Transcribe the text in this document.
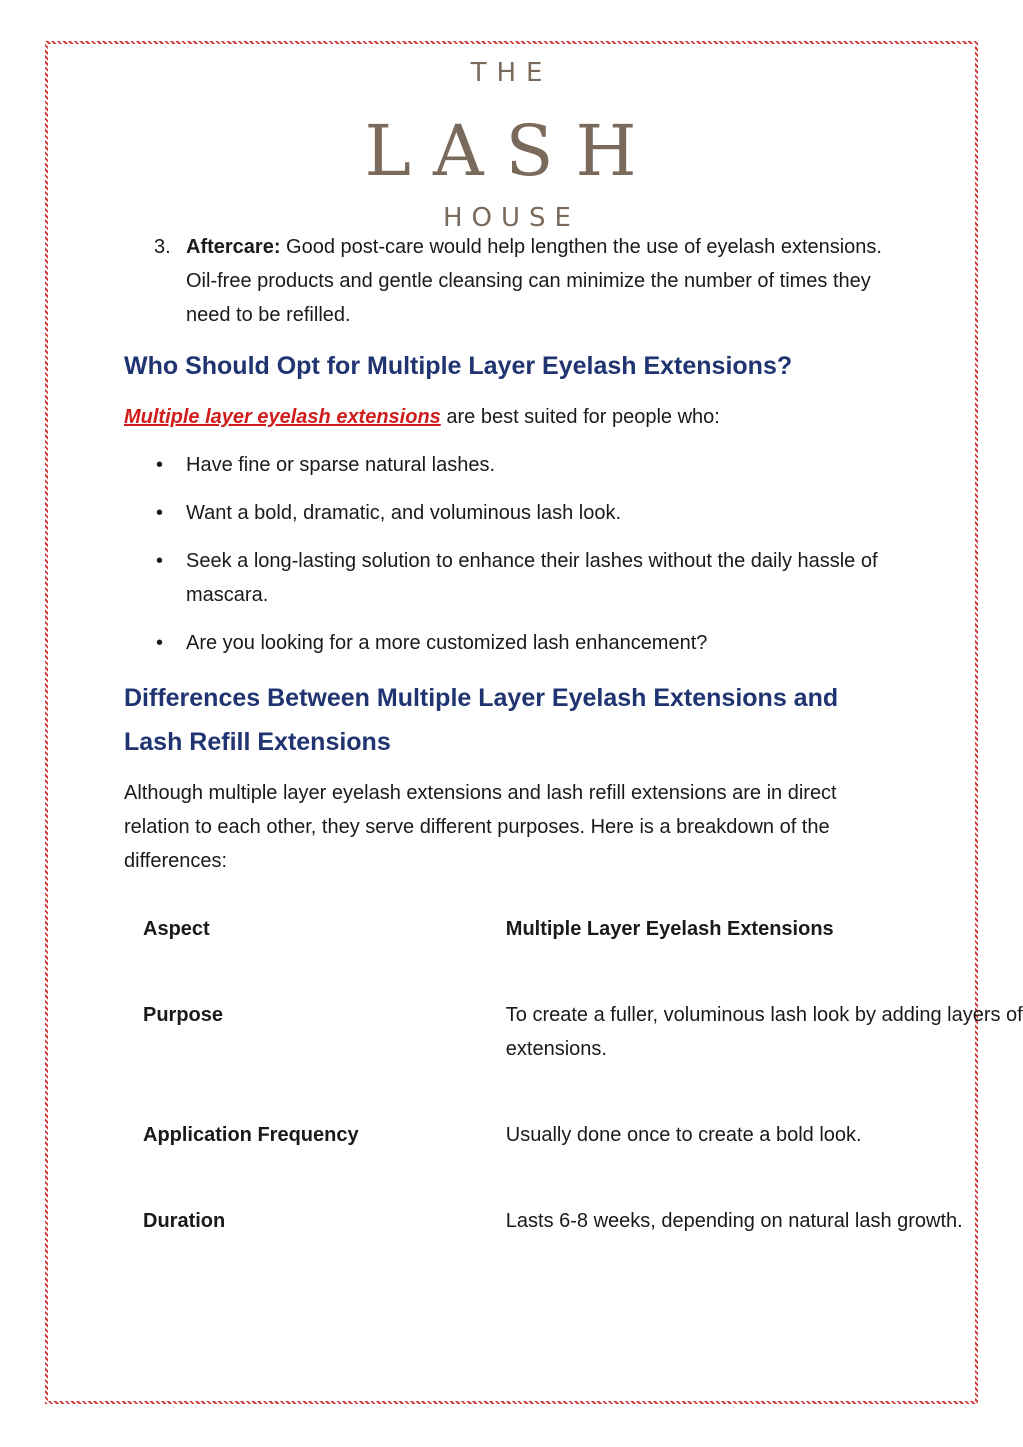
THE
LASH
HOUSE

3. Aftercare: Good post-care would help lengthen the use of eyelash extensions. Oil-free products and gentle cleansing can minimize the number of times they need to be refilled.

Who Should Opt for Multiple Layer Eyelash Extensions?

Multiple layer eyelash extensions are best suited for people who:

• Have fine or sparse natural lashes.

• Want a bold, dramatic, and voluminous lash look.

• Seek a long-lasting solution to enhance their lashes without the daily hassle of mascara.

• Are you looking for a more customized lash enhancement?

Differences Between Multiple Layer Eyelash Extensions and Lash Refill Extensions

Although multiple layer eyelash extensions and lash refill extensions are in direct relation to each other, they serve different purposes. Here is a breakdown of the differences:

Aspect	Multiple Layer Eyelash Extensions

Purpose	To create a fuller, voluminous lash look by adding layers of extensions.

Application Frequency	Usually done once to create a bold look.

Duration	Lasts 6-8 weeks, depending on natural lash growth.
